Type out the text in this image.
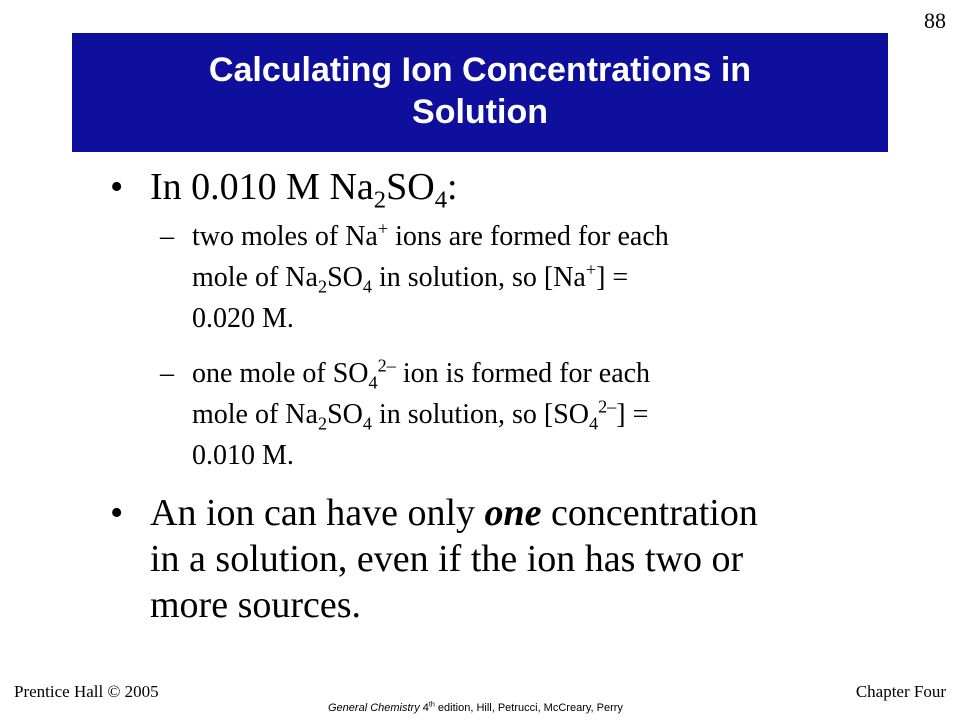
88
Calculating Ion Concentrations in
Solution
• In 0.010 M $Na_2SO_4$:
– two moles of Na+ ions are formed for each
mole of $Na_2SO_4$ in solution, so [Na+] =
0.020 M.
– one mole of $SO_4^{2-}$ ion is formed for each
mole of $Na_2SO_4$ in solution, so $[SO_4^{2-}]$ =
0.010 M.
• An ion can have only one concentration
in a solution, even if the ion has two or
more sources.
Prentice Hall © 2005
General Chemistry 4th edition, Hill, Petrucci, McCreary, Perry
Chapter Four
